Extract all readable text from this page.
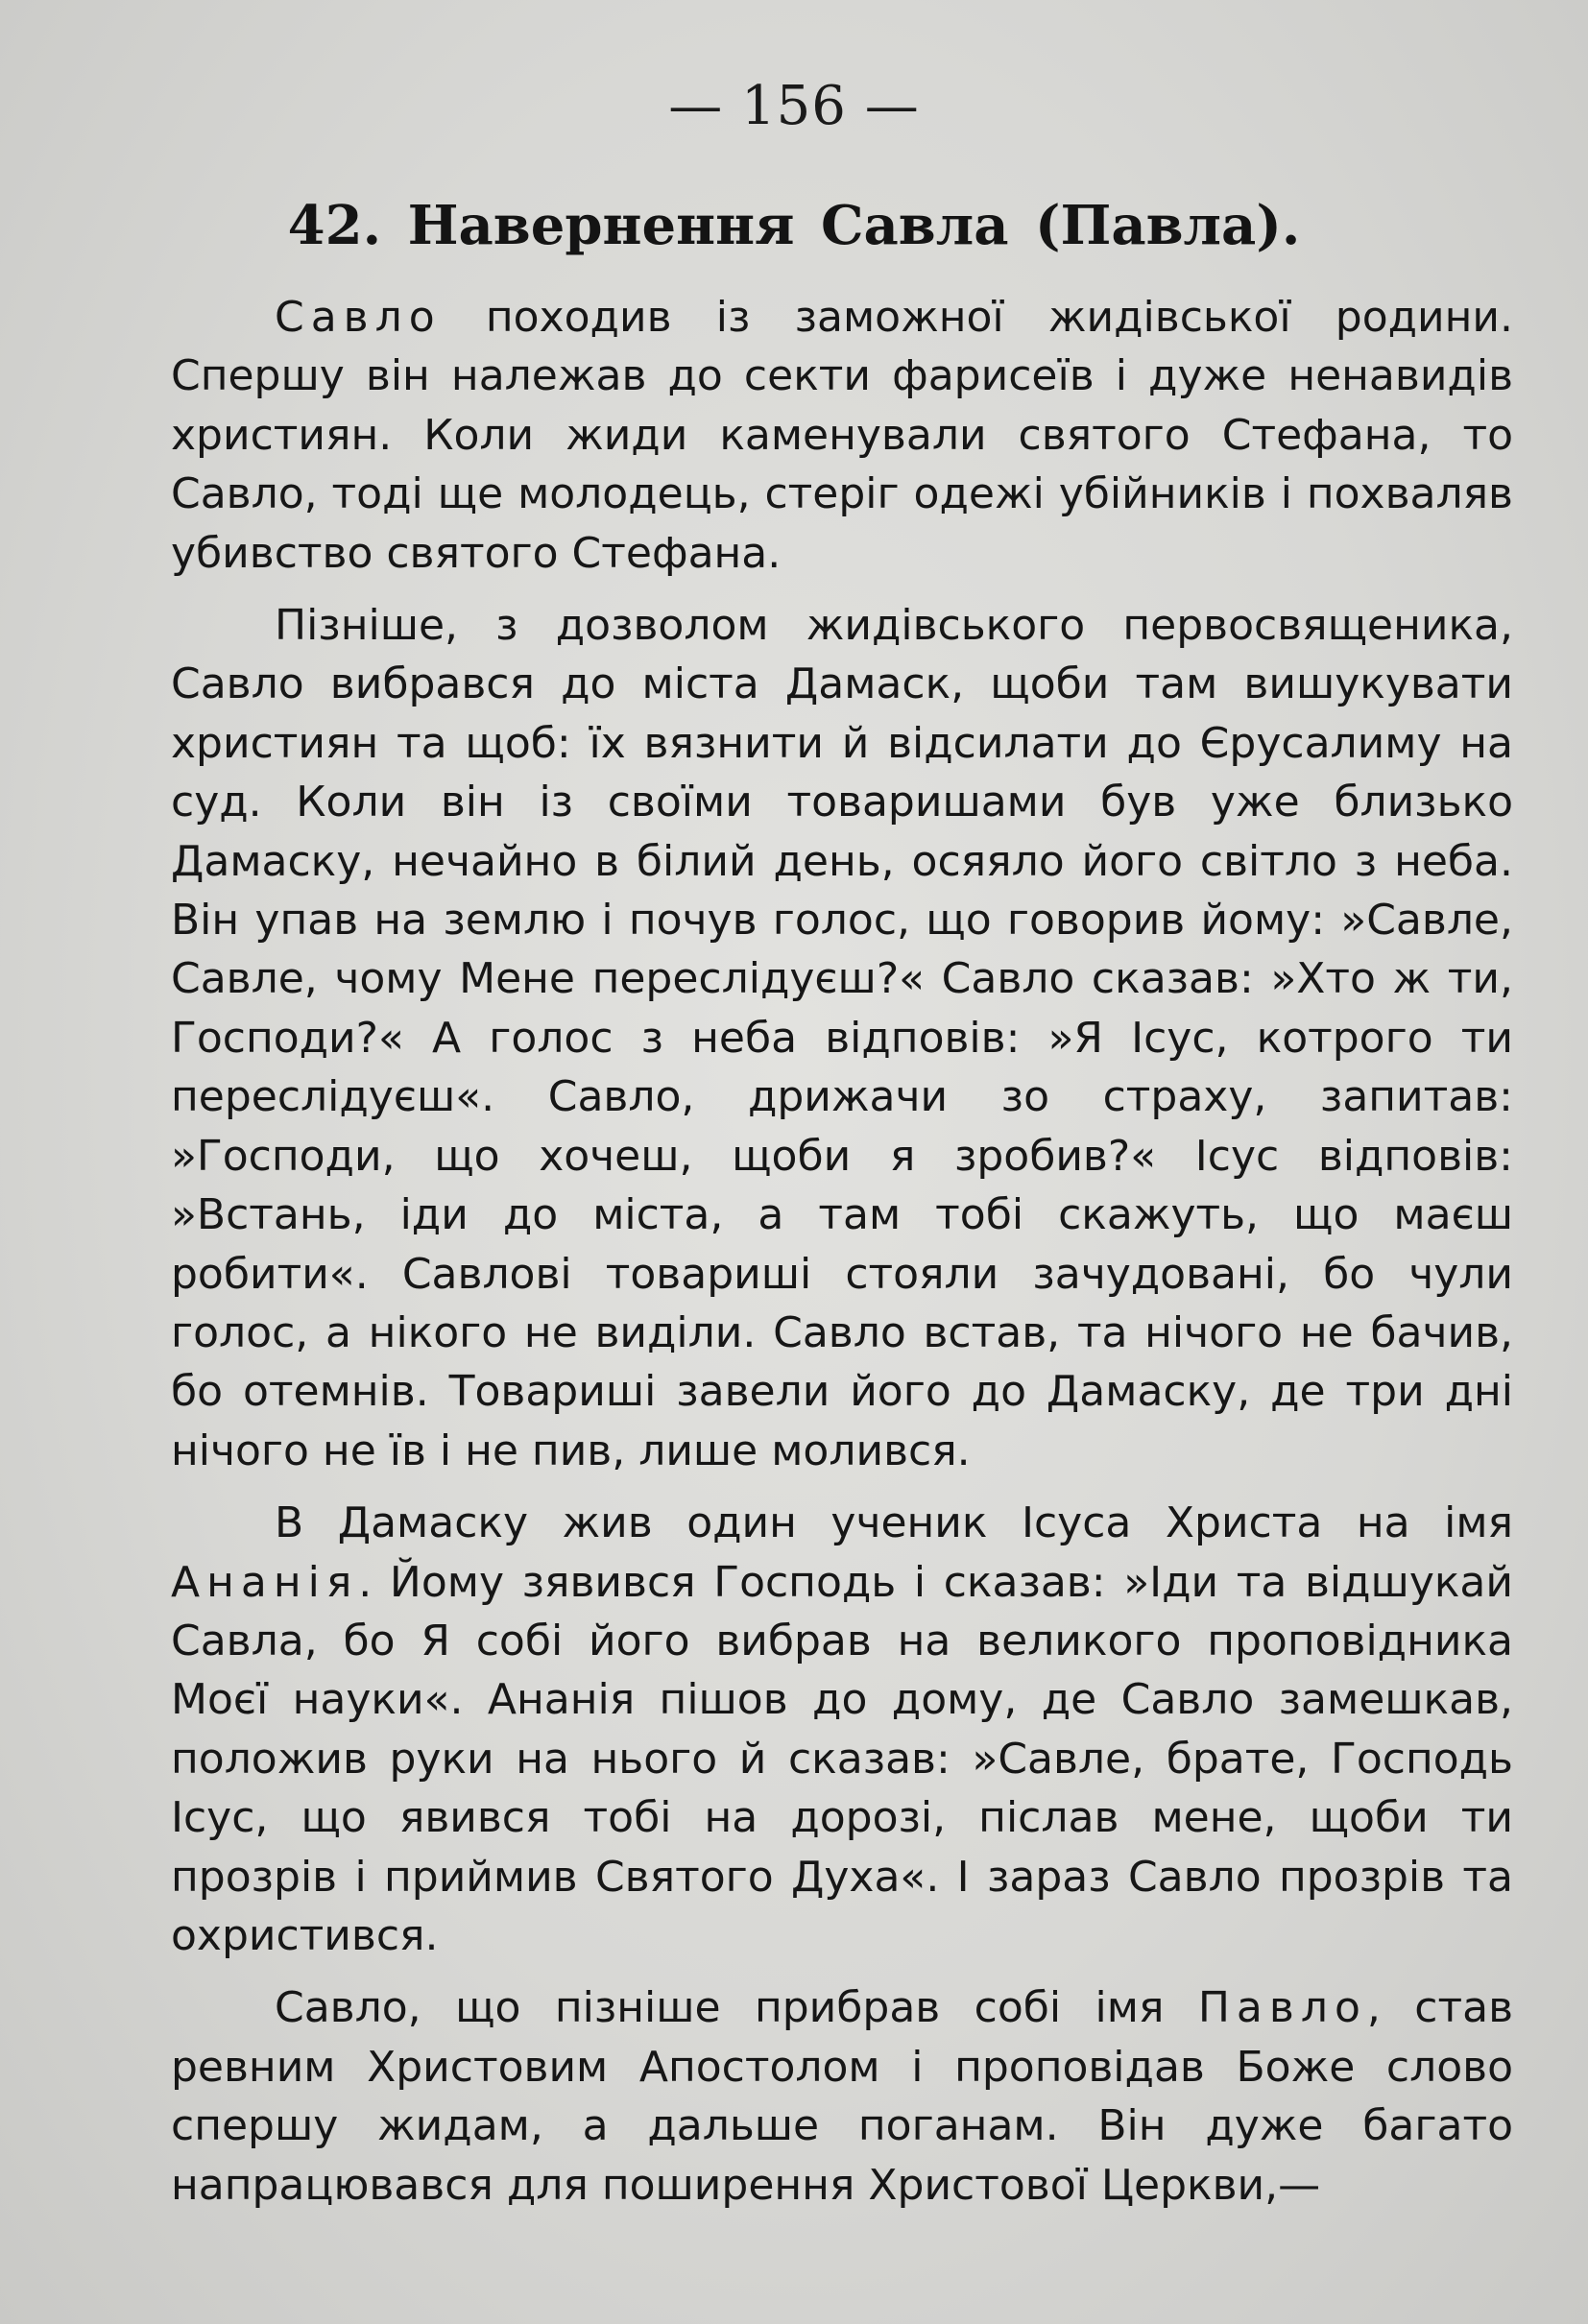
— 156 —
42. Навернення Савла (Павла).

Савло походив із заможної жидівської родини. Спершу він належав до секти фарисеїв і дуже ненавидів християн. Коли жиди каменували святого Стефана, то Савло, тоді ще молодець, стеріг одежі убійників і похваляв убивство святого Стефана.

Пізніше, з дозволом жидівського первосвященика, Савло вибрався до міста Дамаск, щоби там вишукувати християн та щоб: їх вязнити й відсилати до Єрусалиму на суд. Коли він із своїми товаришами був уже близько Дамаску, нечайно в білий день, осяяло його світло з неба. Він упав на землю і почув голос, що говорив йому: »Савле, Савле, чому Мене переслідуєш?« Савло сказав: »Хто ж ти, Господи?« А голос з неба відповів: »Я Ісус, котрого ти переслідуєш«. Савло, дрижачи зо страху, запитав: »Господи, що хочеш, щоби я зробив?« Ісус відповів: »Встань, іди до міста, а там тобі скажуть, що маєш робити«. Савлові товариші стояли зачудовані, бо чули голос, а нікого не виділи. Савло встав, та нічого не бачив, бо отемнів. Товариші завели його до Дамаску, де три дні нічого не їв і не пив, лише молився.

В Дамаску жив один ученик Ісуса Христа на імя Ананія. Йому зявився Господь і сказав: »Іди та відшукай Савла, бо Я собі його вибрав на великого проповідника Моєї науки«. Ананія пішов до дому, де Савло замешкав, положив руки на нього й сказав: »Савле, брате, Господь Ісус, що явився тобі на дорозі, післав мене, щоби ти прозрів і приймив Святого Духа«. І зараз Савло прозрів та охристився.

Савло, що пізніше прибрав собі імя Павло, став ревним Христовим Апостолом і проповідав Боже слово спершу жидам, а дальше поганам. Він дуже багато напрацювався для поширення Христової Церкви,—
